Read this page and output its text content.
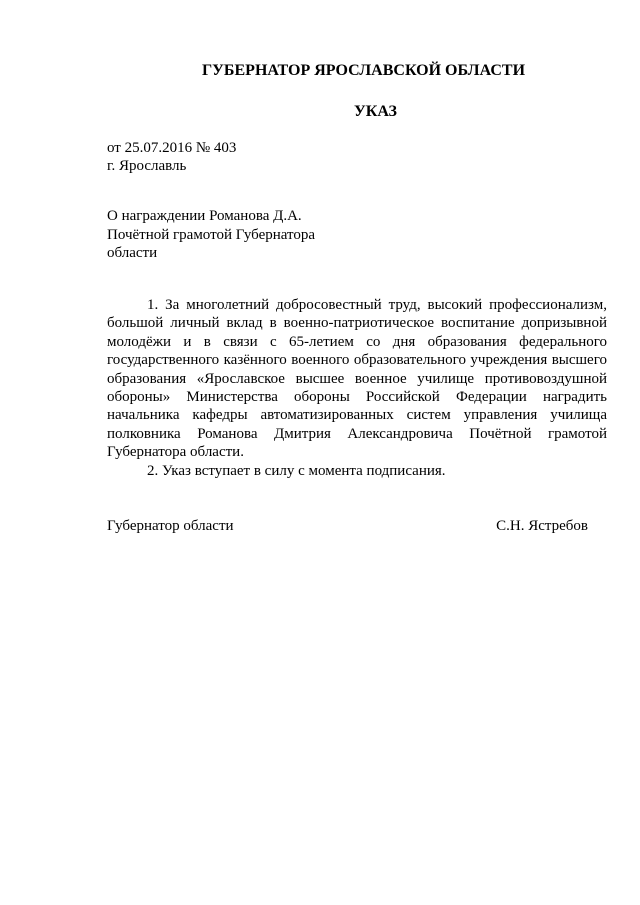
ГУБЕРНАТОР ЯРОСЛАВСКОЙ ОБЛАСТИ
УКАЗ
от 25.07.2016 № 403
г. Ярославль
О награждении Романова Д.А.
Почётной грамотой Губернатора
области

1. За многолетний добросовестный труд, высокий профессионализм, большой личный вклад в военно-патриотическое воспитание допризывной молодёжи и в связи с 65-летием со дня образования федерального государственного казённого военного образовательного учреждения высшего образования «Ярославское высшее военное училище противовоздушной обороны» Министерства обороны Российской Федерации наградить начальника кафедры автоматизированных систем управления училища полковника Романова Дмитрия Александровича Почётной грамотой Губернатора области.

2. Указ вступает в силу с момента подписания.

Губернатор области	С.Н. Ястребов
